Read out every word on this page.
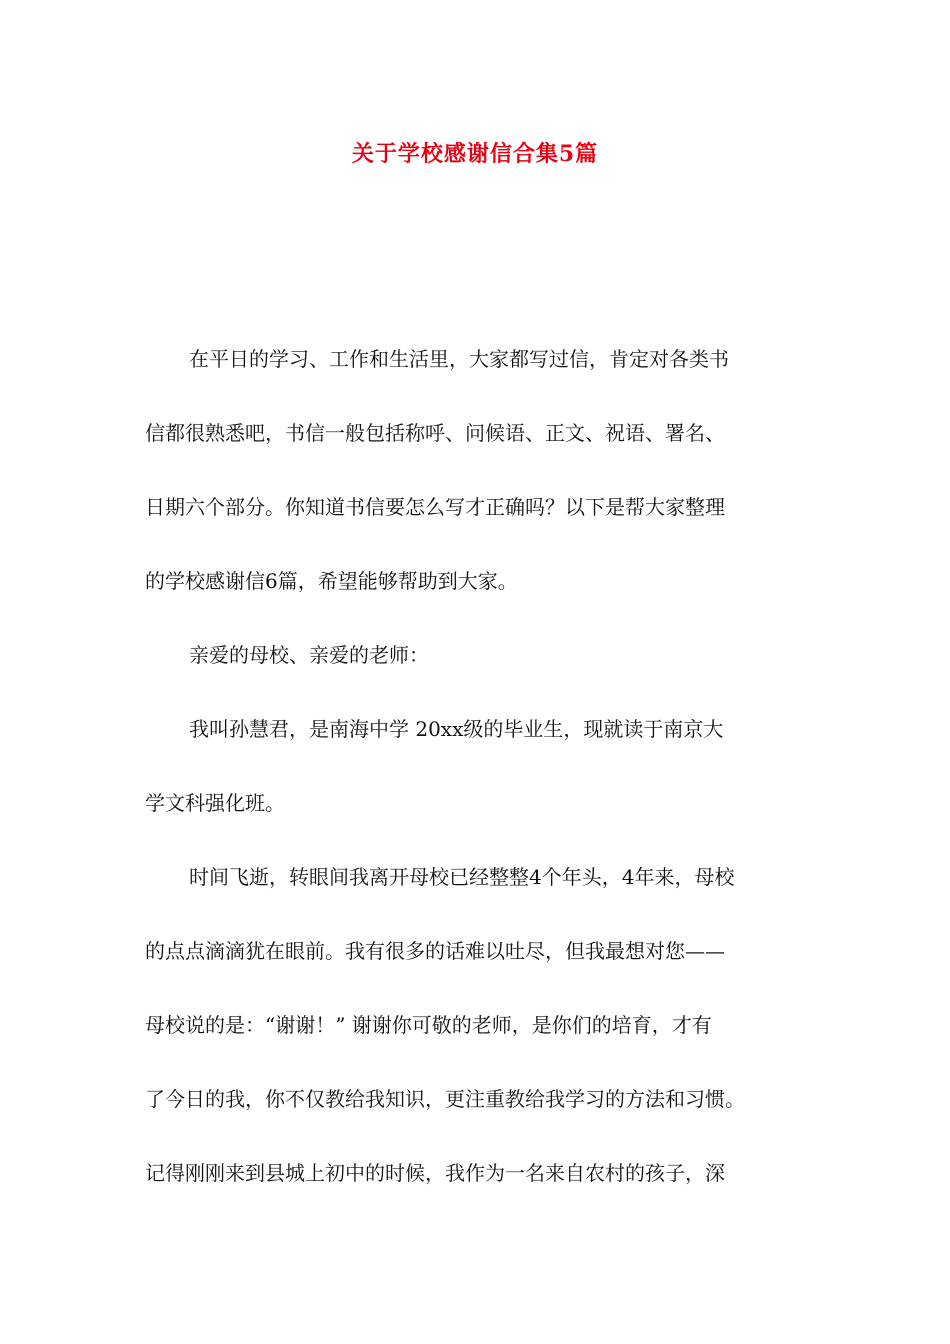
关于学校感谢信合集5篇

在平日的学习、工作和生活里，大家都写过信，肯定对各类书
信都很熟悉吧，书信一般包括称呼、问候语、正文、祝语、署名、
日期六个部分。你知道书信要怎么写才正确吗？以下是帮大家整理
的学校感谢信6篇，希望能够帮助到大家。

亲爱的母校、亲爱的老师：

我叫孙慧君，是南海中学 20xx级的毕业生，现就读于南京大
学文科强化班。

时间飞逝，转眼间我离开母校已经整整4个年头，4年来，母校
的点点滴滴犹在眼前。我有很多的话难以吐尽，但我最想对您——
母校说的是：“谢谢！” 谢谢你可敬的老师，是你们的培育，才有
了今日的我，你不仅教给我知识，更注重教给我学习的方法和习惯。
记得刚刚来到县城上初中的时候，我作为一名来自农村的孩子，深
